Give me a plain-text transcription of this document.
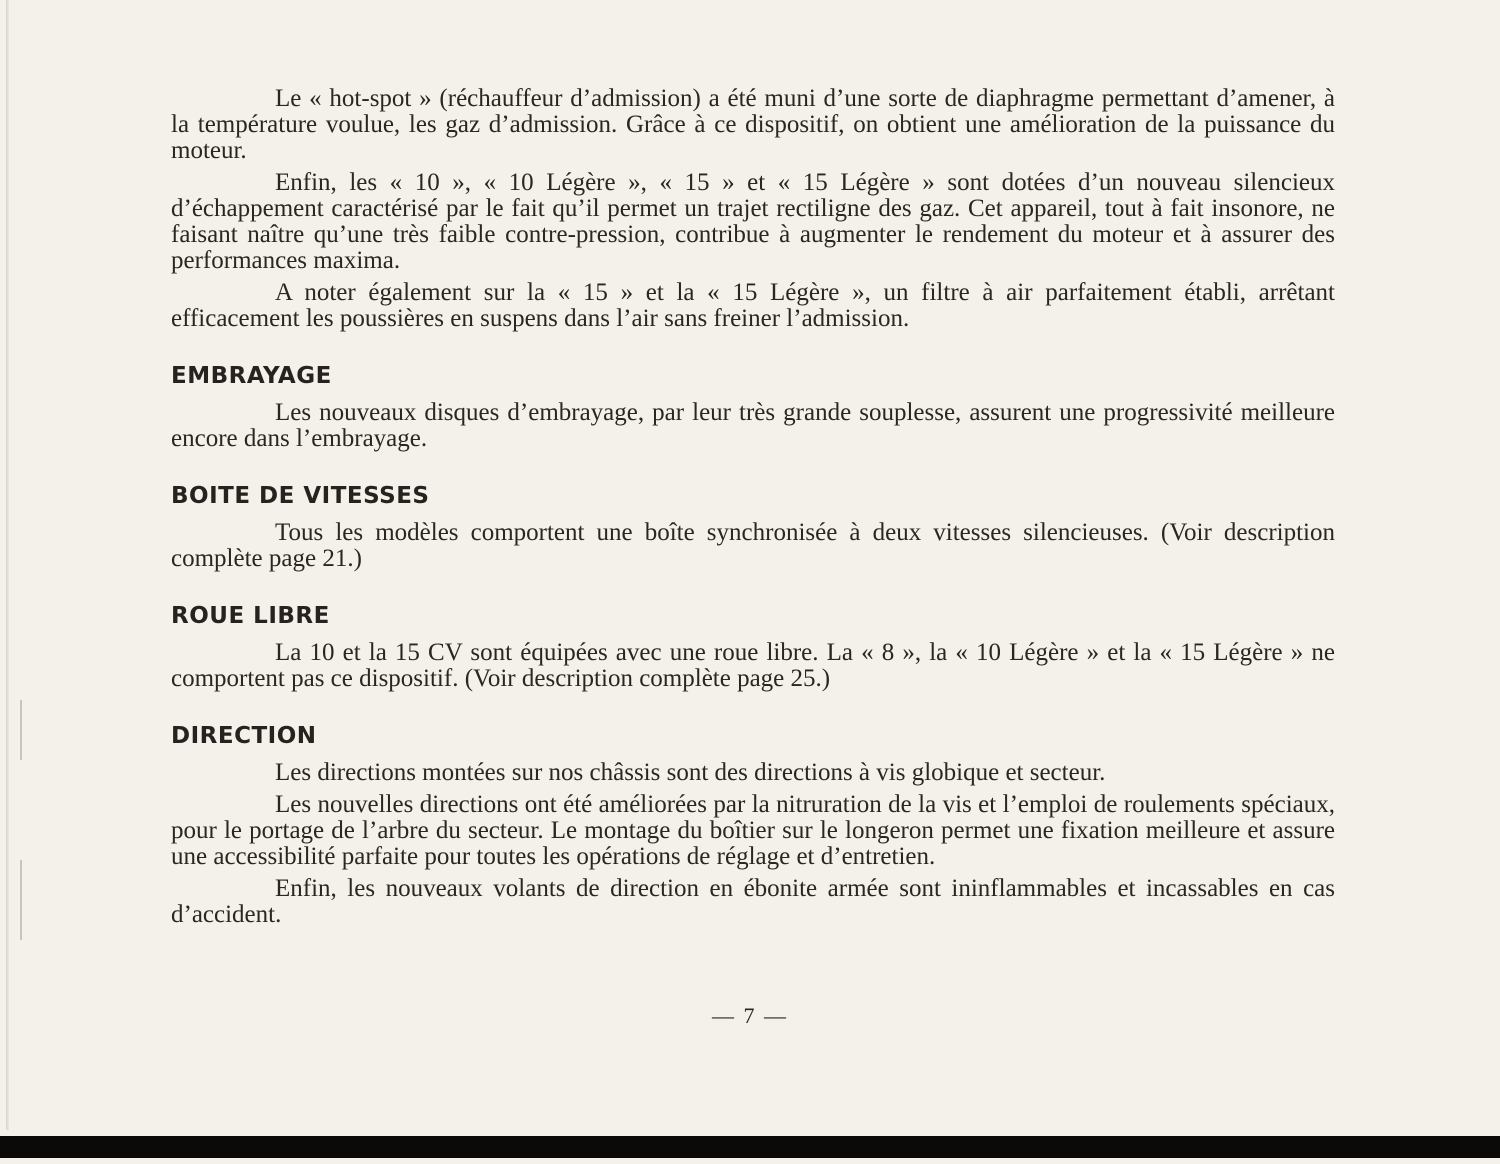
Le « hot-spot » (réchauffeur d’admission) a été muni d’une sorte de diaphragme permettant d’amener, à la température voulue, les gaz d’admission. Grâce à ce dispositif, on obtient une amélioration de la puissance du moteur.

Enfin, les « 10 », « 10 Légère », « 15 » et « 15 Légère » sont dotées d’un nouveau silencieux d’échappement caractérisé par le fait qu’il permet un trajet rectiligne des gaz. Cet appareil, tout à fait insonore, ne faisant naître qu’une très faible contre-pression, contribue à augmenter le rendement du moteur et à assurer des performances maxima.

A noter également sur la « 15 » et la « 15 Légère », un filtre à air parfaitement établi, arrêtant efficacement les poussières en suspens dans l’air sans freiner l’admission.

EMBRAYAGE

Les nouveaux disques d’embrayage, par leur très grande souplesse, assurent une progressivité meilleure encore dans l’embrayage.

BOITE DE VITESSES

Tous les modèles comportent une boîte synchronisée à deux vitesses silencieuses. (Voir description complète page 21.)

ROUE LIBRE

La 10 et la 15 CV sont équipées avec une roue libre. La « 8 », la « 10 Légère » et la « 15 Légère » ne comportent pas ce dispositif. (Voir description complète page 25.)

DIRECTION

Les directions montées sur nos châssis sont des directions à vis globique et secteur.

Les nouvelles directions ont été améliorées par la nitruration de la vis et l’emploi de roulements spéciaux, pour le portage de l’arbre du secteur. Le montage du boîtier sur le longeron permet une fixation meilleure et assure une accessibilité parfaite pour toutes les opérations de réglage et d’entretien.

Enfin, les nouveaux volants de direction en ébonite armée sont ininflammables et incassables en cas d’accident.

— 7 —
